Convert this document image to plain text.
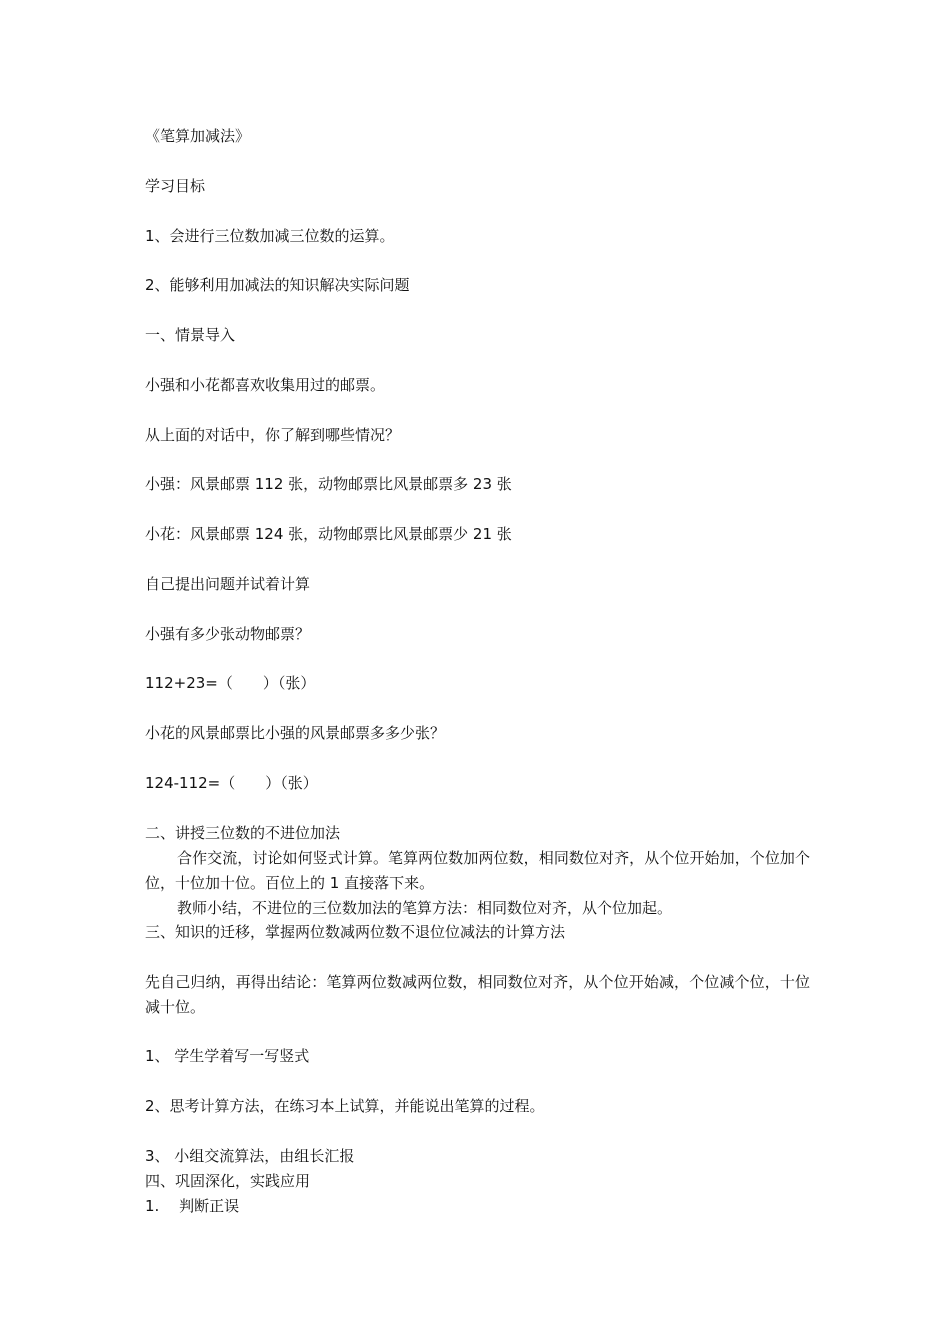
《笔算加减法》
学习目标
1、会进行三位数加减三位数的运算。
2、能够利用加减法的知识解决实际问题
一、情景导入
小强和小花都喜欢收集用过的邮票。
从上面的对话中，你了解到哪些情况？
小强：风景邮票 112 张，动物邮票比风景邮票多 23 张
小花：风景邮票 124 张，动物邮票比风景邮票少 21 张
自己提出问题并试着计算
小强有多少张动物邮票？
112+23=（　　）（张）
小花的风景邮票比小强的风景邮票多多少张？
124-112=（　　）（张）
二、讲授三位数的不进位加法
合作交流，讨论如何竖式计算。笔算两位数加两位数，相同数位对齐，从个位开始加，个位加个位，十位加十位。百位上的 1 直接落下来。
教师小结，不进位的三位数加法的笔算方法：相同数位对齐，从个位加起。
三、知识的迁移，掌握两位数减两位数不退位位减法的计算方法
先自己归纳，再得出结论：笔算两位数减两位数，相同数位对齐，从个位开始减，个位减个位，十位减十位。
1、 学生学着写一写竖式
2、思考计算方法，在练习本上试算，并能说出笔算的过程。
3、 小组交流算法，由组长汇报
四、巩固深化，实践应用
1.　 判断正误
